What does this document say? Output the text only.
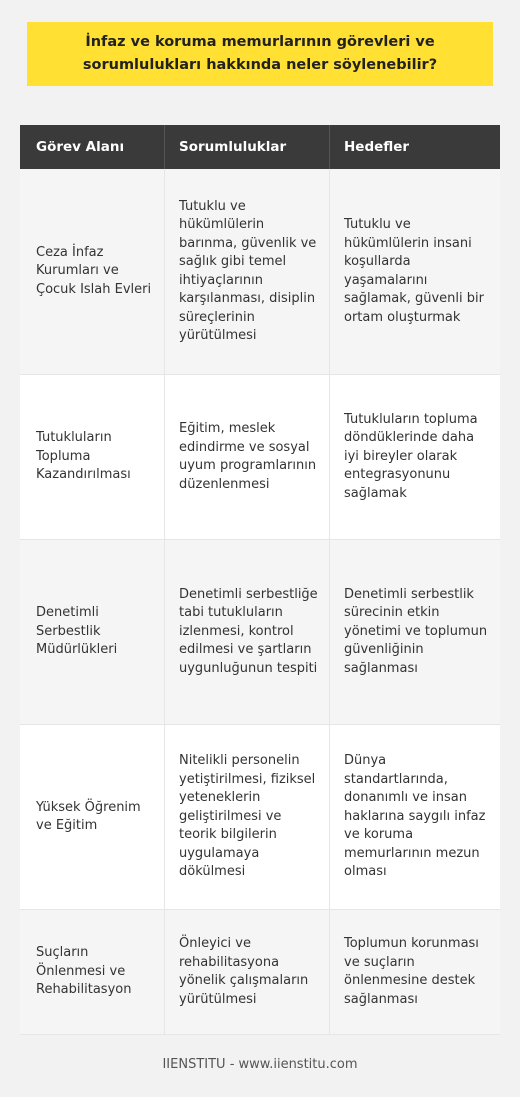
İnfaz ve koruma memurlarının görevleri ve sorumlulukları hakkında neler söylenebilir?
Görev Alanı	Sorumluluklar	Hedefler
Ceza İnfaz Kurumları ve Çocuk Islah Evleri
Tutuklu ve hükümlülerin barınma, güvenlik ve sağlık gibi temel ihtiyaçlarının karşılanması, disiplin süreçlerinin yürütülmesi
Tutuklu ve hükümlülerin insani koşullarda yaşamalarını sağlamak, güvenli bir ortam oluşturmak
Tutukluların Topluma Kazandırılması
Eğitim, meslek edindirme ve sosyal uyum programlarının düzenlenmesi
Tutukluların topluma döndüklerinde daha iyi bireyler olarak entegrasyonunu sağlamak
Denetimli Serbestlik Müdürlükleri
Denetimli serbestliğe tabi tutukluların izlenmesi, kontrol edilmesi ve şartların uygunluğunun tespiti
Denetimli serbestlik sürecinin etkin yönetimi ve toplumun güvenliğinin sağlanması
Yüksek Öğrenim ve Eğitim
Nitelikli personelin yetiştirilmesi, fiziksel yeteneklerin geliştirilmesi ve teorik bilgilerin uygulamaya dökülmesi
Dünya standartlarında, donanımlı ve insan haklarına saygılı infaz ve koruma memurlarının mezun olması
Suçların Önlenmesi ve Rehabilitasyon
Önleyici ve rehabilitasyona yönelik çalışmaların yürütülmesi
Toplumun korunması ve suçların önlenmesine destek sağlanması
IIENSTITU - www.iienstitu.com
